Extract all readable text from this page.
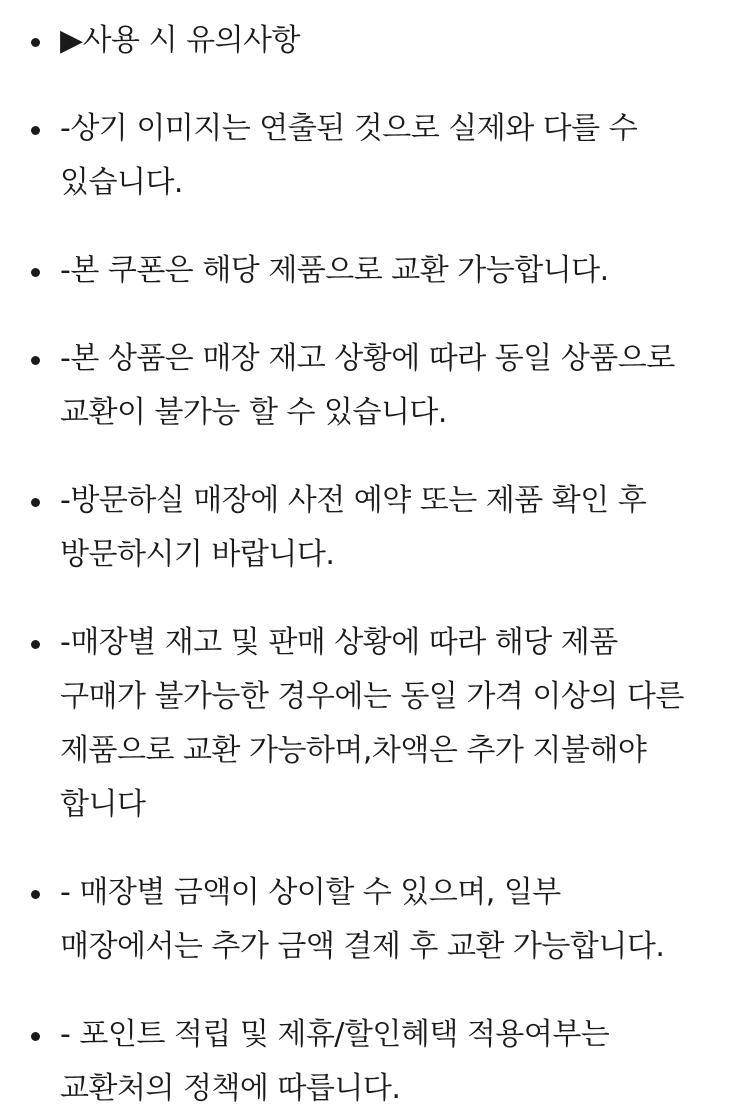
▶사용 시 유의사항
-상기 이미지는 연출된 것으로 실제와 다를 수 있습니다.
-본 쿠폰은 해당 제품으로 교환 가능합니다.
-본 상품은 매장 재고 상황에 따라 동일 상품으로 교환이 불가능 할 수 있습니다.
-방문하실 매장에 사전 예약 또는 제품 확인 후 방문하시기 바랍니다.
-매장별 재고 및 판매 상황에 따라 해당 제품 구매가 불가능한 경우에는 동일 가격 이상의 다른 제품으로 교환 가능하며,차액은 추가 지불해야 합니다
- 매장별 금액이 상이할 수 있으며, 일부 매장에서는 추가 금액 결제 후 교환 가능합니다.
- 포인트 적립 및 제휴/할인혜택 적용여부는 교환처의 정책에 따릅니다.
